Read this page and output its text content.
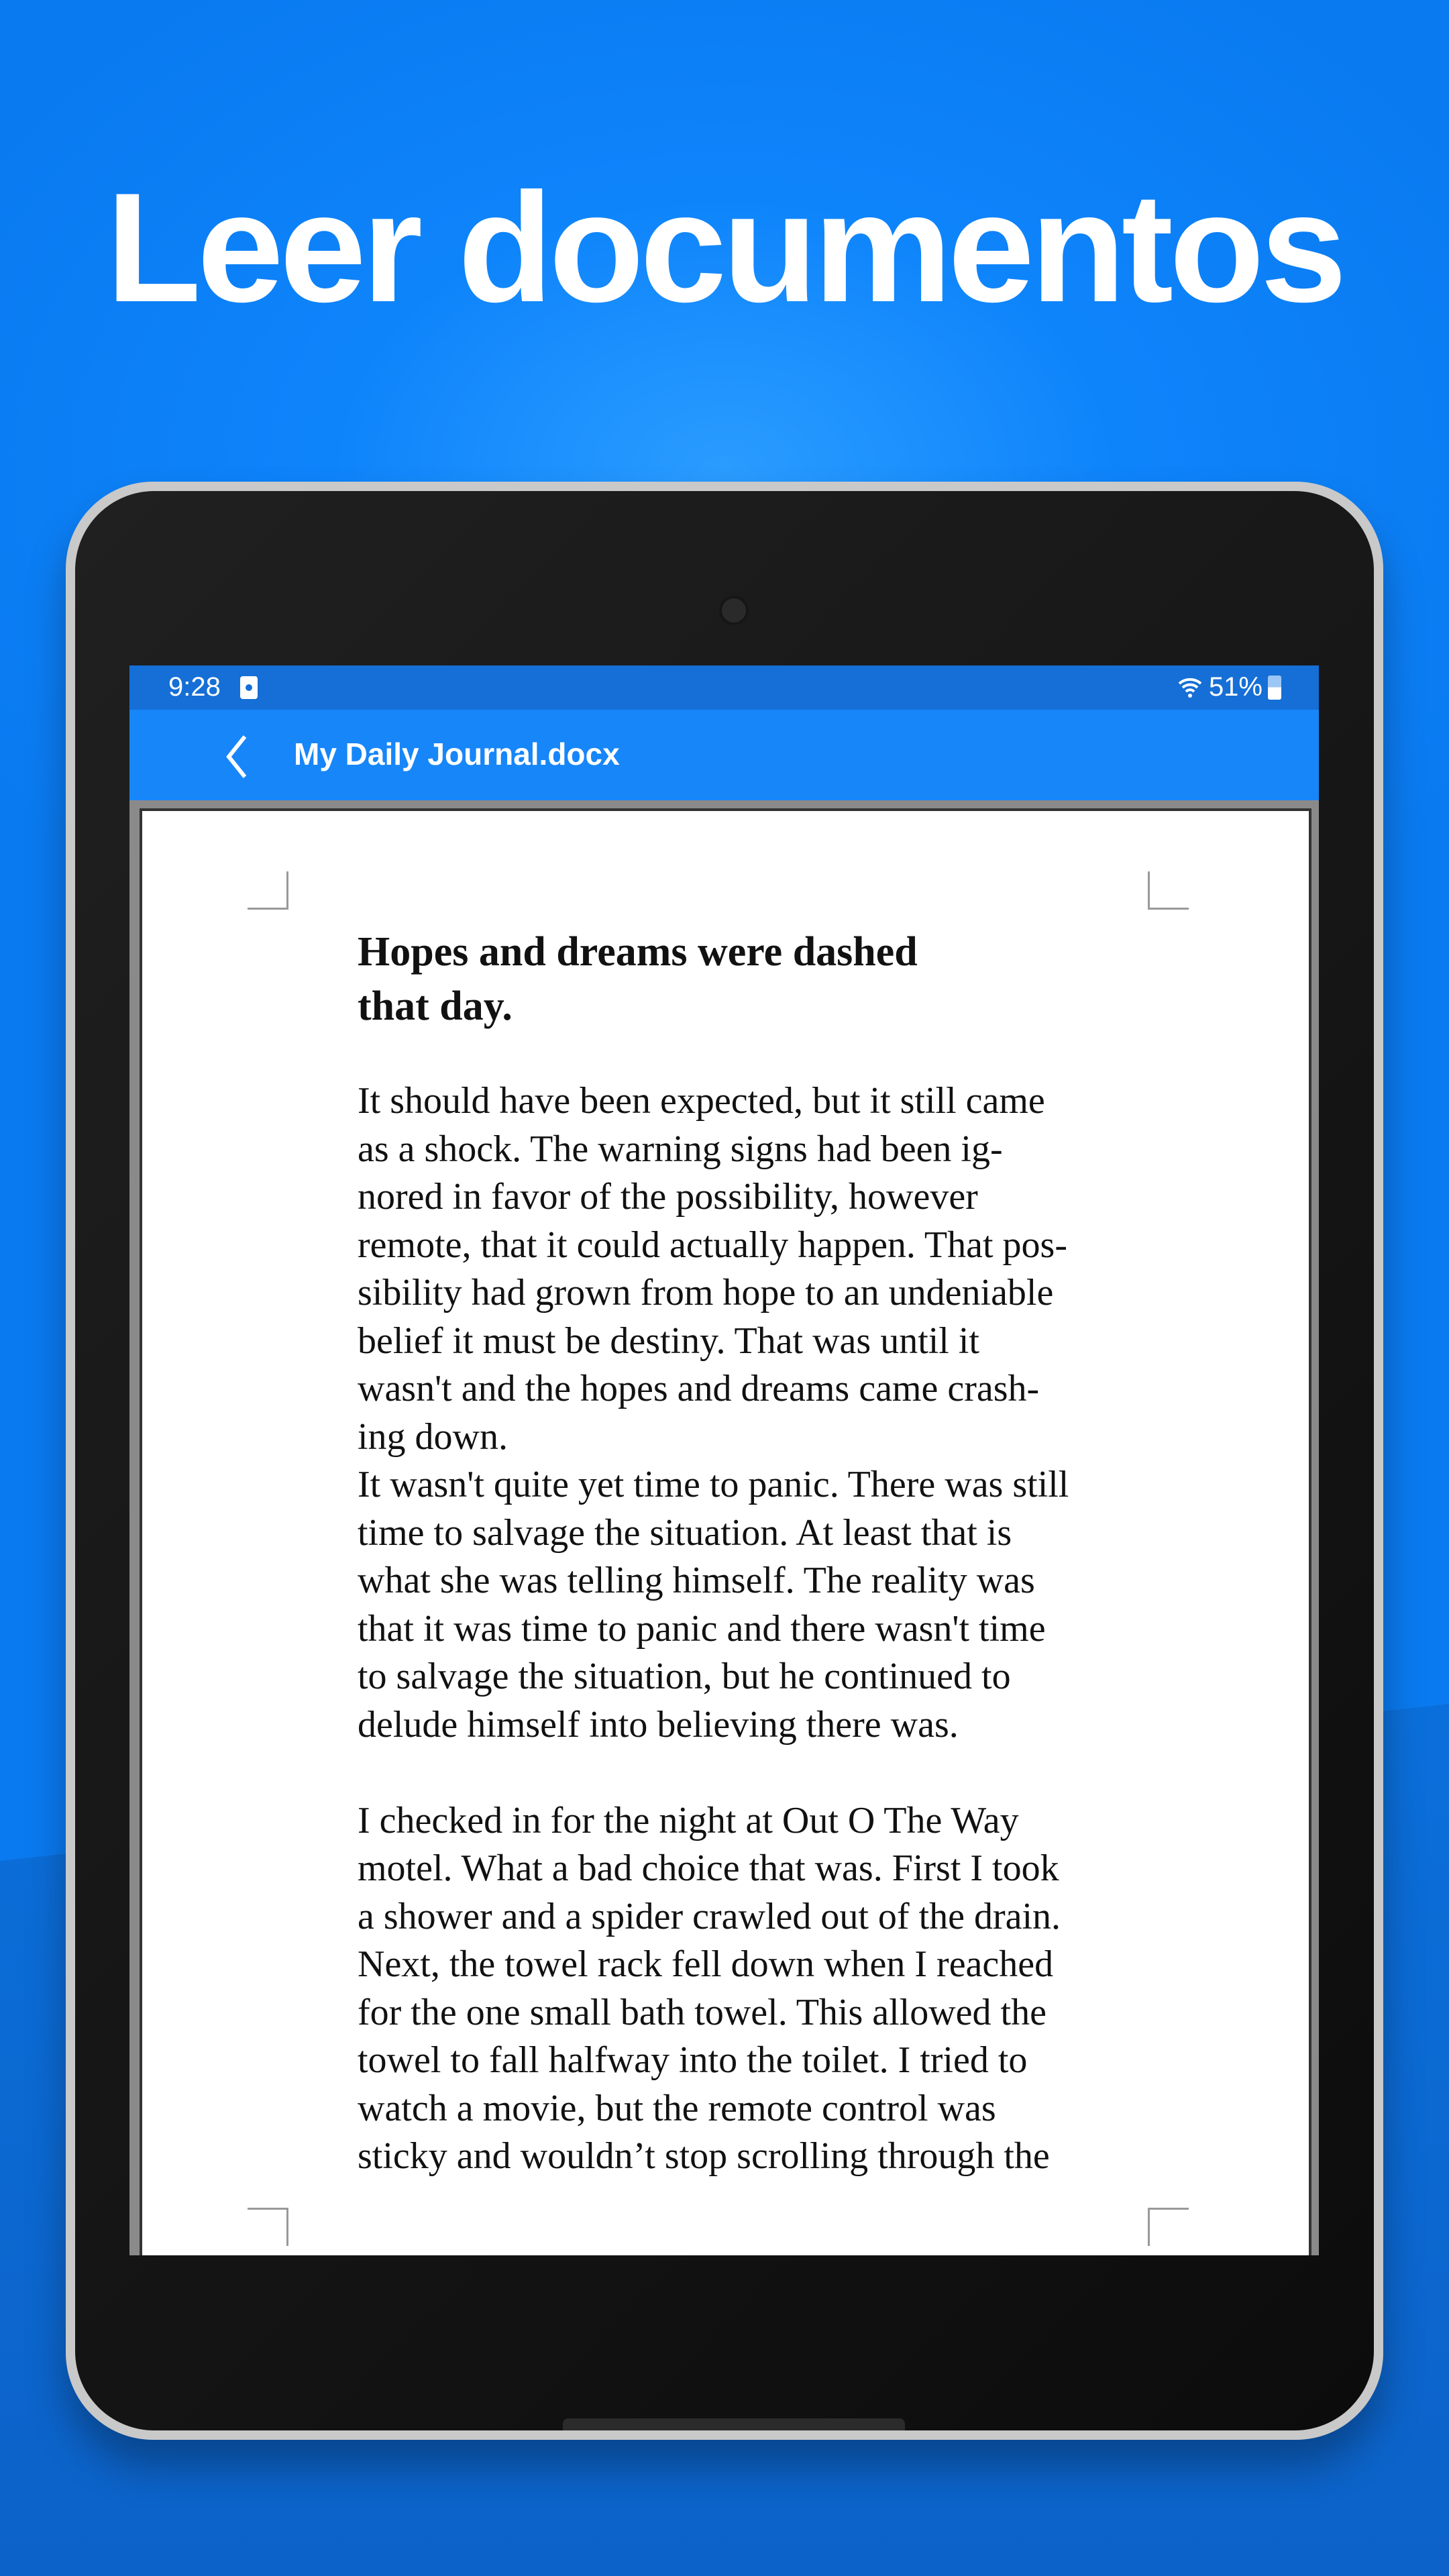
Leer documentos
9:28	51%
My Daily Journal.docx
Hopes and dreams were dashed
that day.
It should have been expected, but it still came
as a shock. The warning signs had been ig-
nored in favor of the possibility, however
remote, that it could actually happen. That pos-
sibility had grown from hope to an undeniable
belief it must be destiny. That was until it
wasn't and the hopes and dreams came crash-
ing down.
It wasn't quite yet time to panic. There was still
time to salvage the situation. At least that is
what she was telling himself. The reality was
that it was time to panic and there wasn't time
to salvage the situation, but he continued to
delude himself into believing there was.
I checked in for the night at Out O The Way
motel. What a bad choice that was. First I took
a shower and a spider crawled out of the drain.
Next, the towel rack fell down when I reached
for the one small bath towel. This allowed the
towel to fall halfway into the toilet. I tried to
watch a movie, but the remote control was
sticky and wouldn’t stop scrolling through the
